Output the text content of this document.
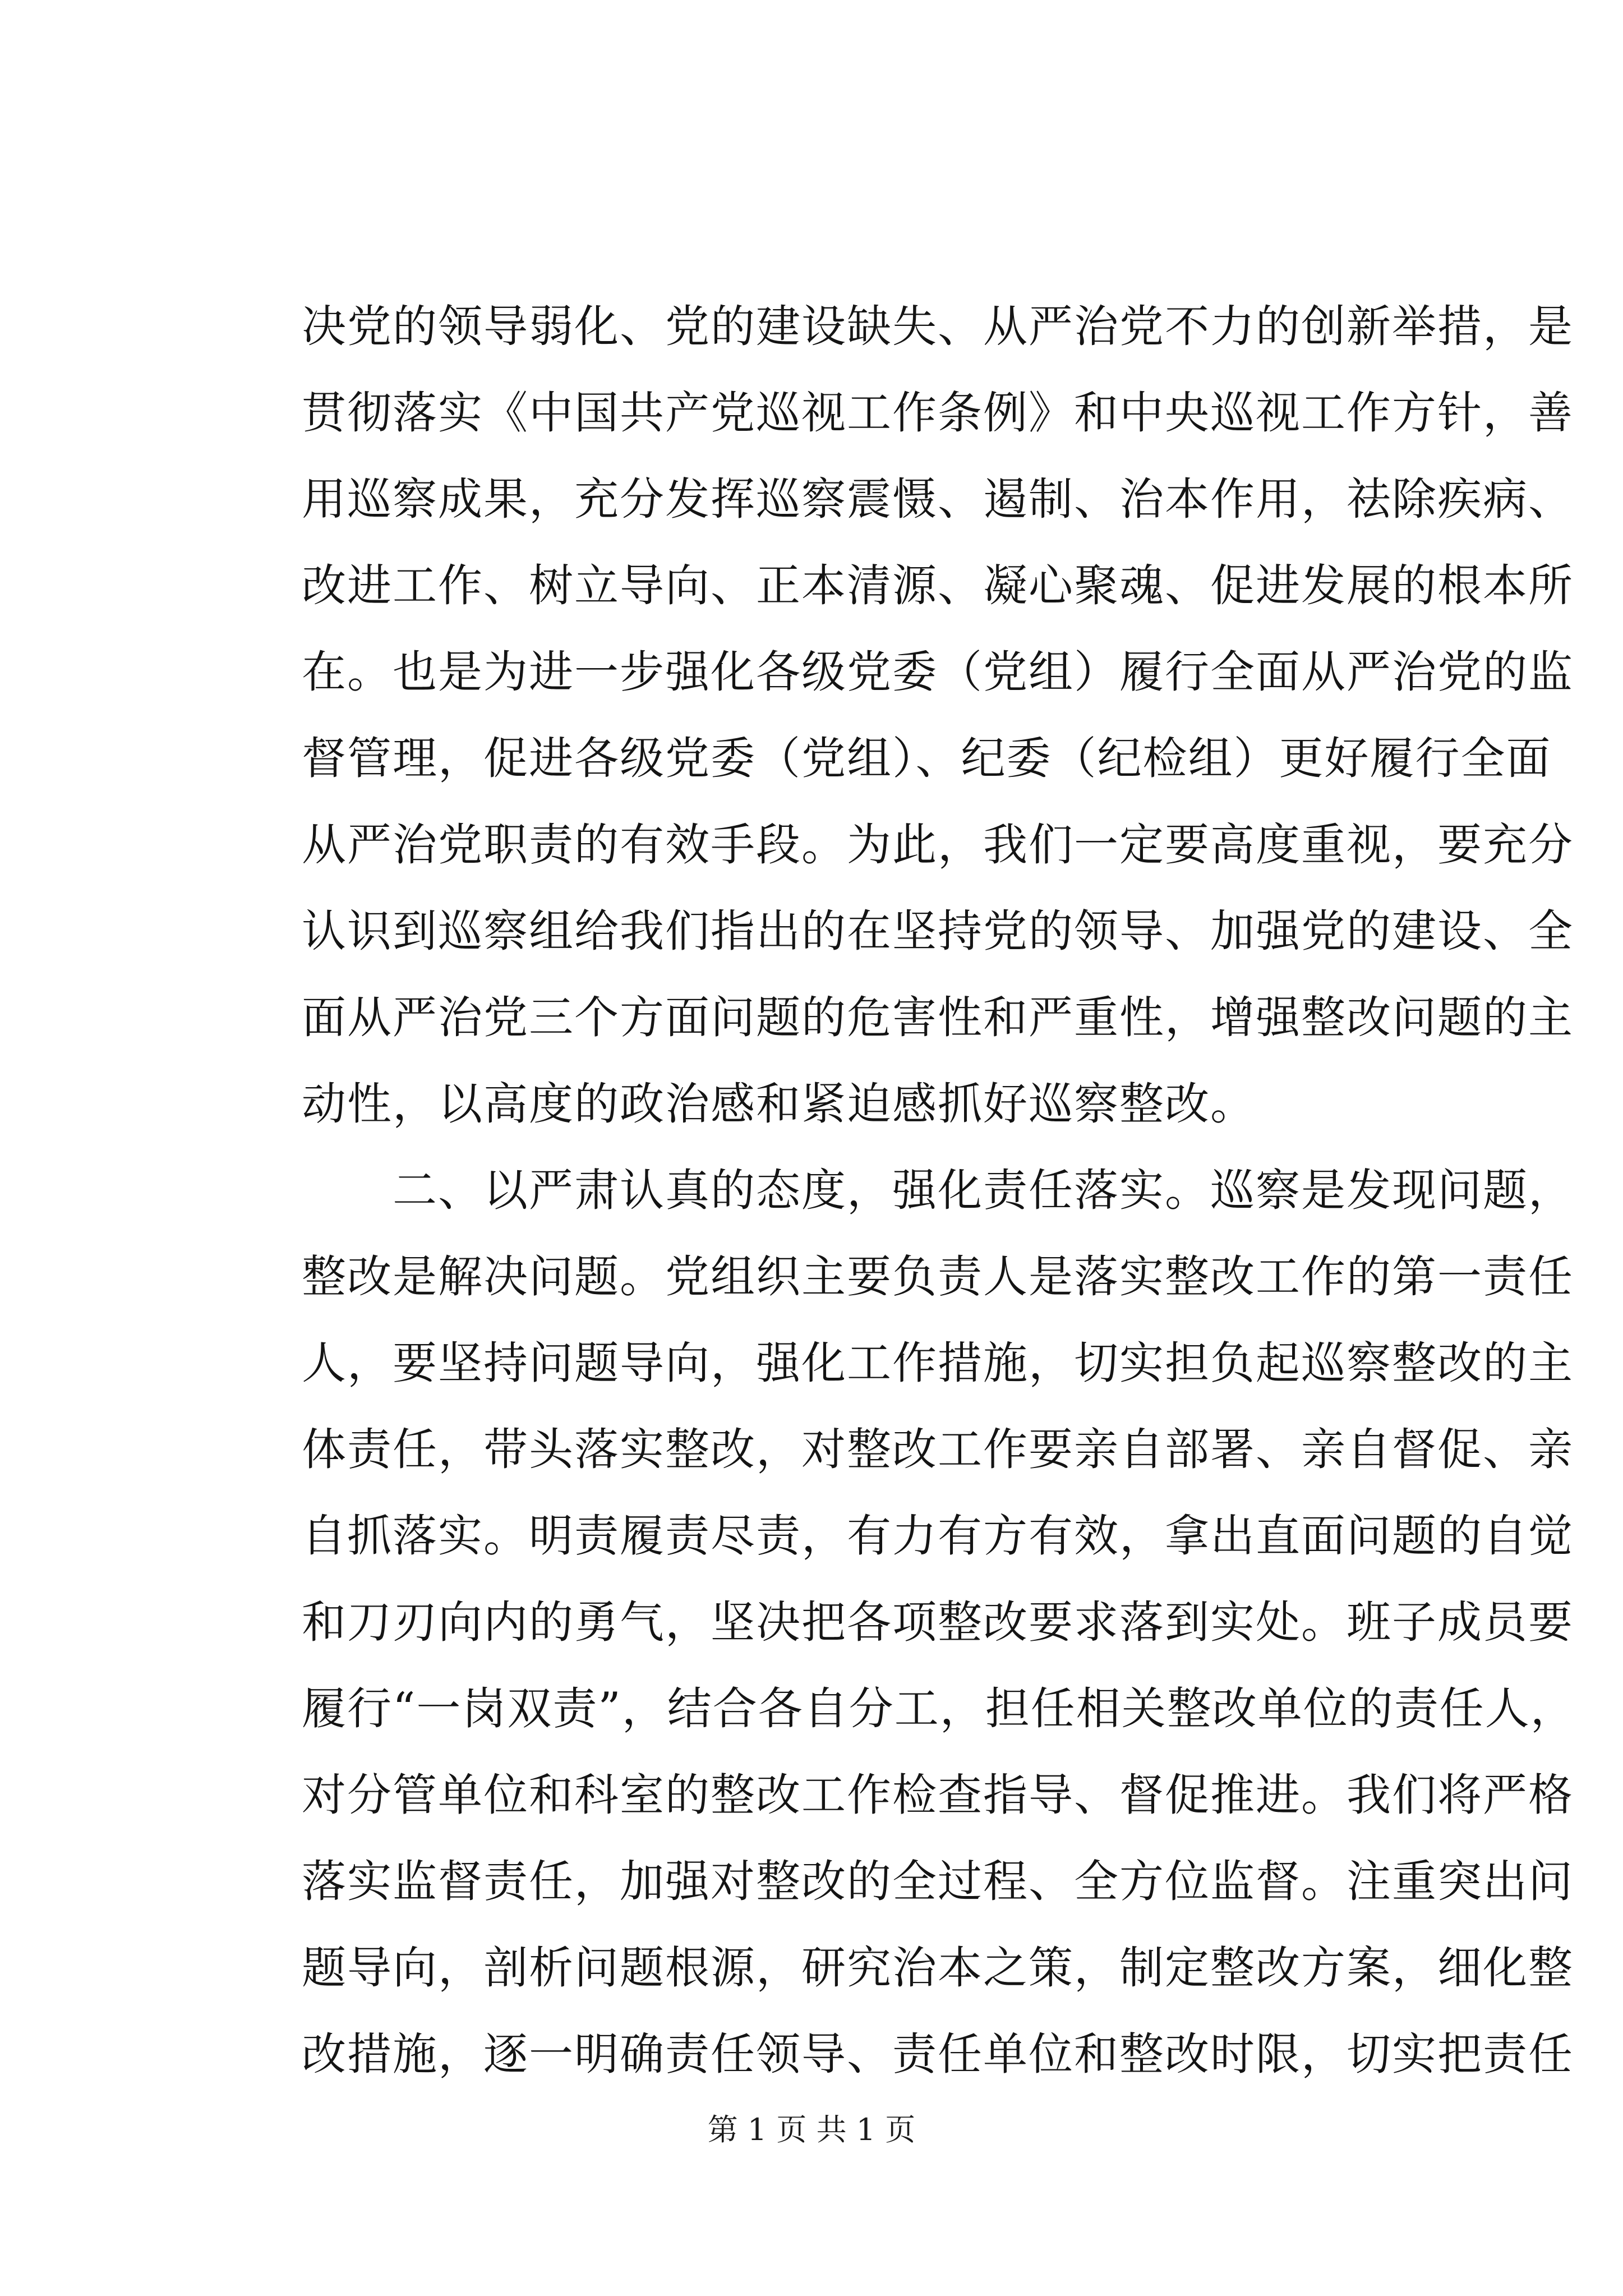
决党的领导弱化、党的建设缺失、从严治党不力的创新举措，是
贯彻落实《中国共产党巡视工作条例》和中央巡视工作方针，善
用巡察成果，充分发挥巡察震慑、遏制、治本作用，祛除疾病、
改进工作、树立导向、正本清源、凝心聚魂、促进发展的根本所
在。也是为进一步强化各级党委（党组）履行全面从严治党的监
督管理，促进各级党委（党组）、纪委（纪检组）更好履行全面
从严治党职责的有效手段。为此，我们一定要高度重视，要充分
认识到巡察组给我们指出的在坚持党的领导、加强党的建设、全
面从严治党三个方面问题的危害性和严重性，增强整改问题的主
动性，以高度的政治感和紧迫感抓好巡察整改。
二、以严肃认真的态度，强化责任落实。巡察是发现问题，
整改是解决问题。党组织主要负责人是落实整改工作的第一责任
人，要坚持问题导向，强化工作措施，切实担负起巡察整改的主
体责任，带头落实整改，对整改工作要亲自部署、亲自督促、亲
自抓落实。明责履责尽责，有力有方有效，拿出直面问题的自觉
和刀刃向内的勇气，坚决把各项整改要求落到实处。班子成员要
履行“一岗双责”，结合各自分工，担任相关整改单位的责任人，
对分管单位和科室的整改工作检查指导、督促推进。我们将严格
落实监督责任，加强对整改的全过程、全方位监督。注重突出问
题导向，剖析问题根源，研究治本之策，制定整改方案，细化整
改措施，逐一明确责任领导、责任单位和整改时限，切实把责任
第 1 页 共 1 页
